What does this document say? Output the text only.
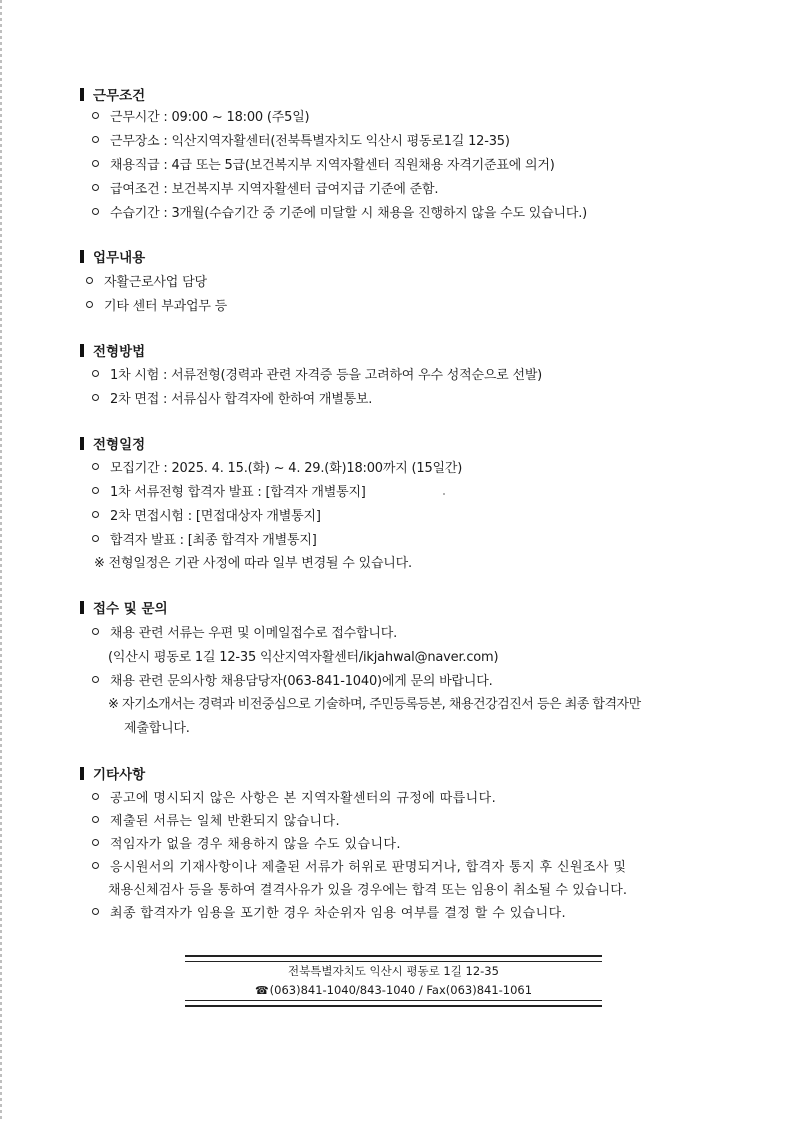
근무조건
근무시간 : 09:00 ~ 18:00 (주5일)
근무장소 : 익산지역자활센터(전북특별자치도 익산시 평동로1길 12-35)
채용직급 : 4급 또는 5급(보건복지부 지역자활센터 직원채용 자격기준표에 의거)
급여조건 : 보건복지부 지역자활센터 급여지급 기준에 준함.
수습기간 : 3개월(수습기간 중 기준에 미달할 시 채용을 진행하지 않을 수도 있습니다.)
업무내용
자활근로사업 담당
기타 센터 부과업무 등
전형방법
1차 시험 : 서류전형(경력과 관련 자격증 등을 고려하여 우수 성적순으로 선발)
2차 면접 : 서류심사 합격자에 한하여 개별통보.
전형일정
모집기간 : 2025. 4. 15.(화) ~ 4. 29.(화)18:00까지 (15일간)
1차 서류전형 합격자 발표 : [합격자 개별통지]
2차 면접시험 : [면접대상자 개별통지]
합격자 발표 : [최종 합격자 개별통지]
※ 전형일정은 기관 사정에 따라 일부 변경될 수 있습니다.
접수 및 문의
채용 관련 서류는 우편 및 이메일접수로 접수합니다.
(익산시 평동로 1길 12-35 익산지역자활센터/ikjahwal@naver.com)
채용 관련 문의사항 채용담당자(063-841-1040)에게 문의 바랍니다.
※ 자기소개서는 경력과 비전중심으로 기술하며, 주민등록등본, 채용건강검진서 등은 최종 합격자만
제출합니다.
기타사항
공고에 명시되지 않은 사항은 본 지역자활센터의 규정에 따릅니다.
제출된 서류는 일체 반환되지 않습니다.
적임자가 없을 경우 채용하지 않을 수도 있습니다.
응시원서의 기재사항이나 제출된 서류가 허위로 판명되거나, 합격자 통지 후 신원조사 및
채용신체검사 등을 통하여 결격사유가 있을 경우에는 합격 또는 임용이 취소될 수 있습니다.
최종 합격자가 임용을 포기한 경우 차순위자 임용 여부를 결정 할 수 있습니다.
전북특별자치도 익산시 평동로 1길 12-35
☎ (063)841-1040/843-1040 / Fax(063)841-1061
